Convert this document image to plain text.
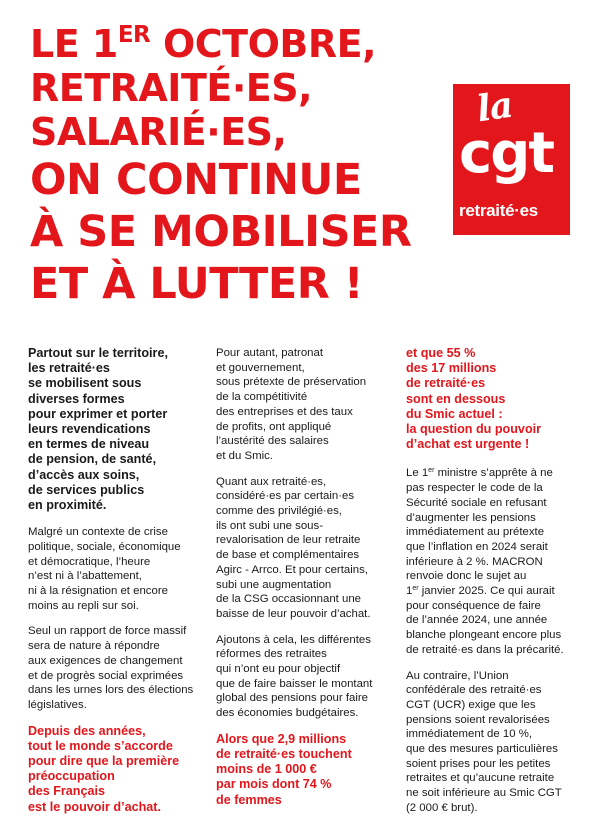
LE 1ER OCTOBRE,
RETRAITÉ·ES,
SALARIÉ·ES,
ON CONTINUE
À SE MOBILISER
ET À LUTTER !
la
cgt
retraité·es

Partout sur le territoire,
les retraité·es
se mobilisent sous
diverses formes
pour exprimer et porter
leurs revendications
en termes de niveau
de pension, de santé,
d’accès aux soins,
de services publics
en proximité.

Malgré un contexte de crise
politique, sociale, économique
et démocratique, l’heure
n’est ni à l’abattement,
ni à la résignation et encore
moins au repli sur soi.

Seul un rapport de force massif
sera de nature à répondre
aux exigences de changement
et de progrès social exprimées
dans les urnes lors des élections
législatives.

Depuis des années,
tout le monde s’accorde
pour dire que la première
préoccupation
des Français
est le pouvoir d’achat.

Pour autant, patronat
et gouvernement,
sous prétexte de préservation
de la compétitivité
des entreprises et des taux
de profits, ont appliqué
l’austérité des salaires
et du Smic.

Quant aux retraité·es,
considéré·es par certain·es
comme des privilégié·es,
ils ont subi une sous-
revalorisation de leur retraite
de base et complémentaires
Agirc - Arrco. Et pour certains,
subi une augmentation
de la CSG occasionnant une
baisse de leur pouvoir d’achat.

Ajoutons à cela, les différentes
réformes des retraites
qui n’ont eu pour objectif
que de faire baisser le montant
global des pensions pour faire
des économies budgétaires.

Alors que 2,9 millions
de retraité·es touchent
moins de 1 000 €
par mois dont 74 %
de femmes

et que 55 %
des 17 millions
de retraité·es
sont en dessous
du Smic actuel :
la question du pouvoir
d’achat est urgente !

Le 1er ministre s’apprête à ne
pas respecter le code de la
Sécurité sociale en refusant
d’augmenter les pensions
immédiatement au prétexte
que l’inflation en 2024 serait
inférieure à 2 %. MACRON
renvoie donc le sujet au
1er janvier 2025. Ce qui aurait
pour conséquence de faire
de l’année 2024, une année
blanche plongeant encore plus
de retraité·es dans la précarité.

Au contraire, l’Union
confédérale des retraité·es
CGT (UCR) exige que les
pensions soient revalorisées
immédiatement de 10 %,
que des mesures particulières
soient prises pour les petites
retraites et qu’aucune retraite
ne soit inférieure au Smic CGT
(2 000 € brut).
